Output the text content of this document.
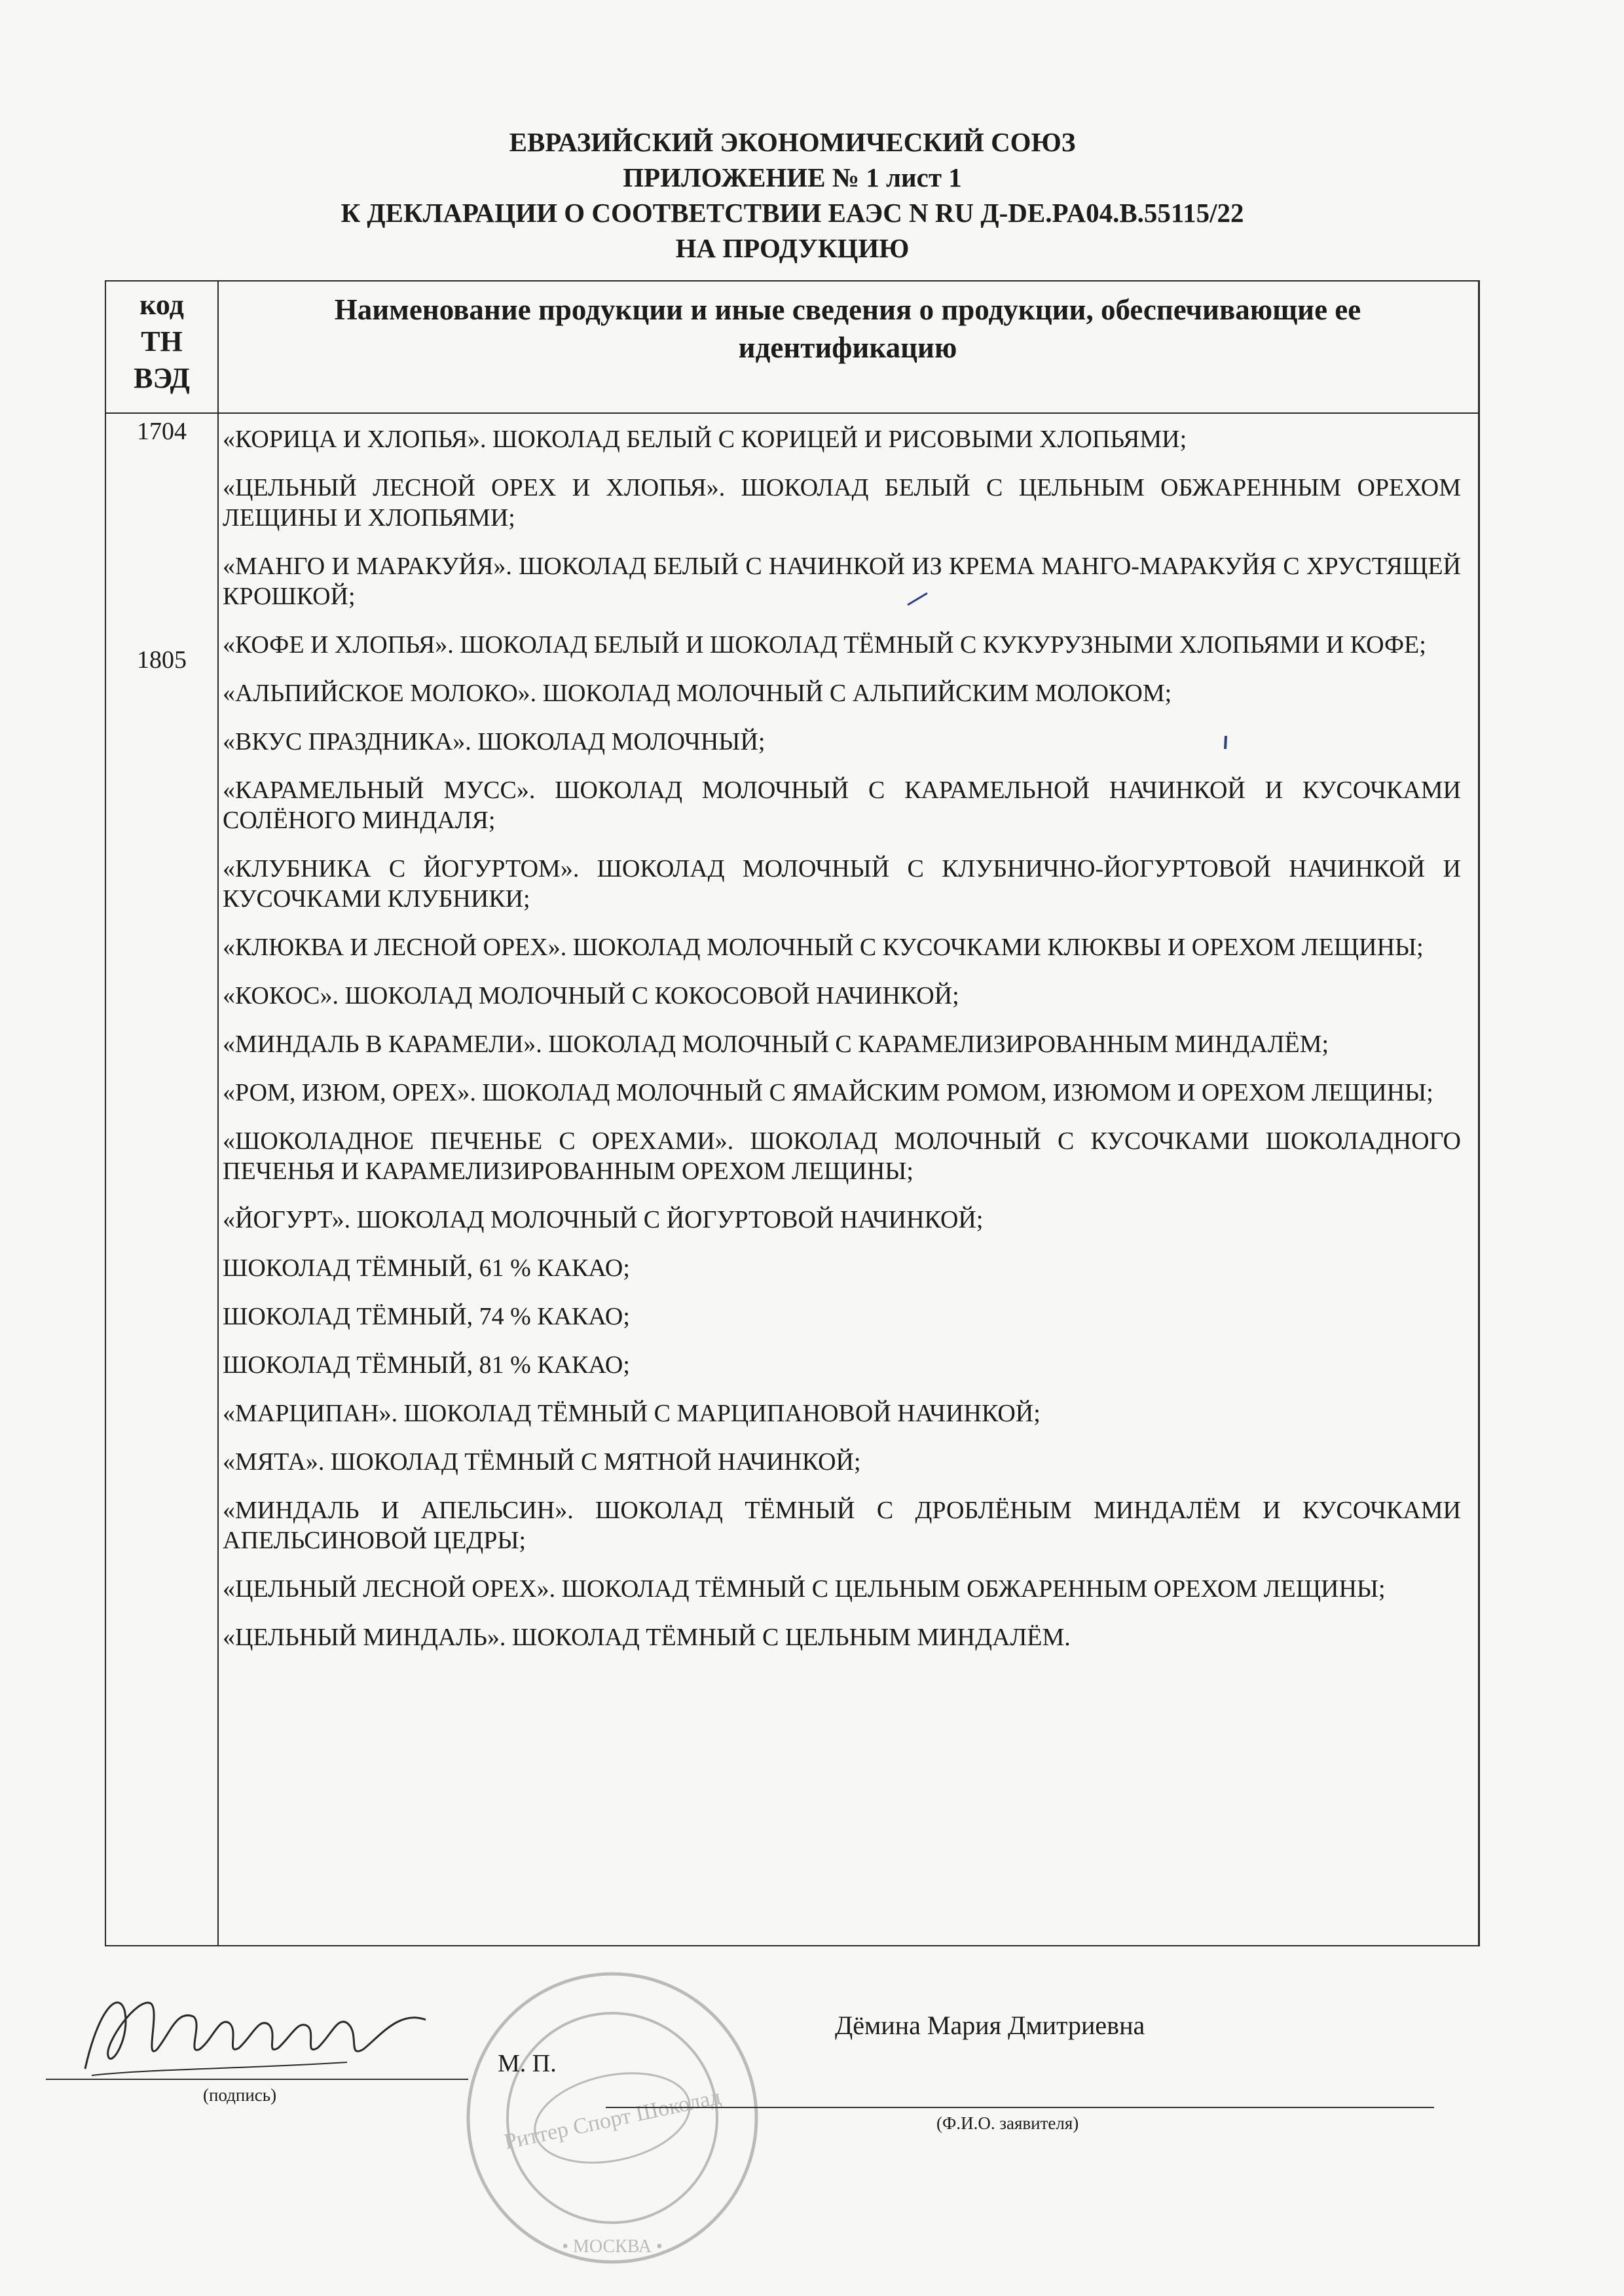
ЕВРАЗИЙСКИЙ ЭКОНОМИЧЕСКИЙ СОЮЗ
ПРИЛОЖЕНИЕ № 1 лист 1
К ДЕКЛАРАЦИИ О СООТВЕТСТВИИ ЕАЭС N RU Д-DE.PA04.B.55115/22
НА ПРОДУКЦИЮ
код
ТН
ВЭД
Наименование продукции и иные сведения о продукции, обеспечивающие ее идентификацию
1704
1805
«КОРИЦА И ХЛОПЬЯ». ШОКОЛАД БЕЛЫЙ С КОРИЦЕЙ И РИСОВЫМИ ХЛОПЬЯМИ;
«ЦЕЛЬНЫЙ ЛЕСНОЙ ОРЕХ И ХЛОПЬЯ». ШОКОЛАД БЕЛЫЙ С ЦЕЛЬНЫМ ОБЖАРЕННЫМ ОРЕХОМ ЛЕЩИНЫ И ХЛОПЬЯМИ;
«МАНГО И МАРАКУЙЯ». ШОКОЛАД БЕЛЫЙ С НАЧИНКОЙ ИЗ КРЕМА МАНГО-МАРАКУЙЯ С ХРУСТЯЩЕЙ КРОШКОЙ;
«КОФЕ И ХЛОПЬЯ». ШОКОЛАД БЕЛЫЙ И ШОКОЛАД ТЁМНЫЙ С КУКУРУЗНЫМИ ХЛОПЬЯМИ И КОФЕ;
«АЛЬПИЙСКОЕ МОЛОКО». ШОКОЛАД МОЛОЧНЫЙ С АЛЬПИЙСКИМ МОЛОКОМ;
«ВКУС ПРАЗДНИКА». ШОКОЛАД МОЛОЧНЫЙ;
«КАРАМЕЛЬНЫЙ МУСС». ШОКОЛАД МОЛОЧНЫЙ С КАРАМЕЛЬНОЙ НАЧИНКОЙ И КУСОЧКАМИ СОЛЁНОГО МИНДАЛЯ;
«КЛУБНИКА С ЙОГУРТОМ». ШОКОЛАД МОЛОЧНЫЙ С КЛУБНИЧНО-ЙОГУРТОВОЙ НАЧИНКОЙ И КУСОЧКАМИ КЛУБНИКИ;
«КЛЮКВА И ЛЕСНОЙ ОРЕХ». ШОКОЛАД МОЛОЧНЫЙ С КУСОЧКАМИ КЛЮКВЫ И ОРЕХОМ ЛЕЩИНЫ;
«КОКОС». ШОКОЛАД МОЛОЧНЫЙ С КОКОСОВОЙ НАЧИНКОЙ;
«МИНДАЛЬ В КАРАМЕЛИ». ШОКОЛАД МОЛОЧНЫЙ С КАРАМЕЛИЗИРОВАННЫМ МИНДАЛЁМ;
«РОМ, ИЗЮМ, ОРЕХ». ШОКОЛАД МОЛОЧНЫЙ С ЯМАЙСКИМ РОМОМ, ИЗЮМОМ И ОРЕХОМ ЛЕЩИНЫ;
«ШОКОЛАДНОЕ ПЕЧЕНЬЕ С ОРЕХАМИ». ШОКОЛАД МОЛОЧНЫЙ С КУСОЧКАМИ ШОКОЛАДНОГО ПЕЧЕНЬЯ И КАРАМЕЛИЗИРОВАННЫМ ОРЕХОМ ЛЕЩИНЫ;
«ЙОГУРТ». ШОКОЛАД МОЛОЧНЫЙ С ЙОГУРТОВОЙ НАЧИНКОЙ;
ШОКОЛАД ТЁМНЫЙ, 61 % КАКАО;
ШОКОЛАД ТЁМНЫЙ, 74 % КАКАО;
ШОКОЛАД ТЁМНЫЙ, 81 % КАКАО;
«МАРЦИПАН». ШОКОЛАД ТЁМНЫЙ С МАРЦИПАНОВОЙ НАЧИНКОЙ;
«МЯТА». ШОКОЛАД ТЁМНЫЙ С МЯТНОЙ НАЧИНКОЙ;
«МИНДАЛЬ И АПЕЛЬСИН». ШОКОЛАД ТЁМНЫЙ С ДРОБЛЁНЫМ МИНДАЛЁМ И КУСОЧКАМИ АПЕЛЬСИНОВОЙ ЦЕДРЫ;
«ЦЕЛЬНЫЙ ЛЕСНОЙ ОРЕХ». ШОКОЛАД ТЁМНЫЙ С ЦЕЛЬНЫМ ОБЖАРЕННЫМ ОРЕХОМ ЛЕЩИНЫ;
«ЦЕЛЬНЫЙ МИНДАЛЬ». ШОКОЛАД ТЁМНЫЙ С ЦЕЛЬНЫМ МИНДАЛЁМ.
(подпись)	Риттер Спорт Шоколад
• МОСКВА •
М. П.
Дёмина Мария Дмитриевна
(Ф.И.О. заявителя)
